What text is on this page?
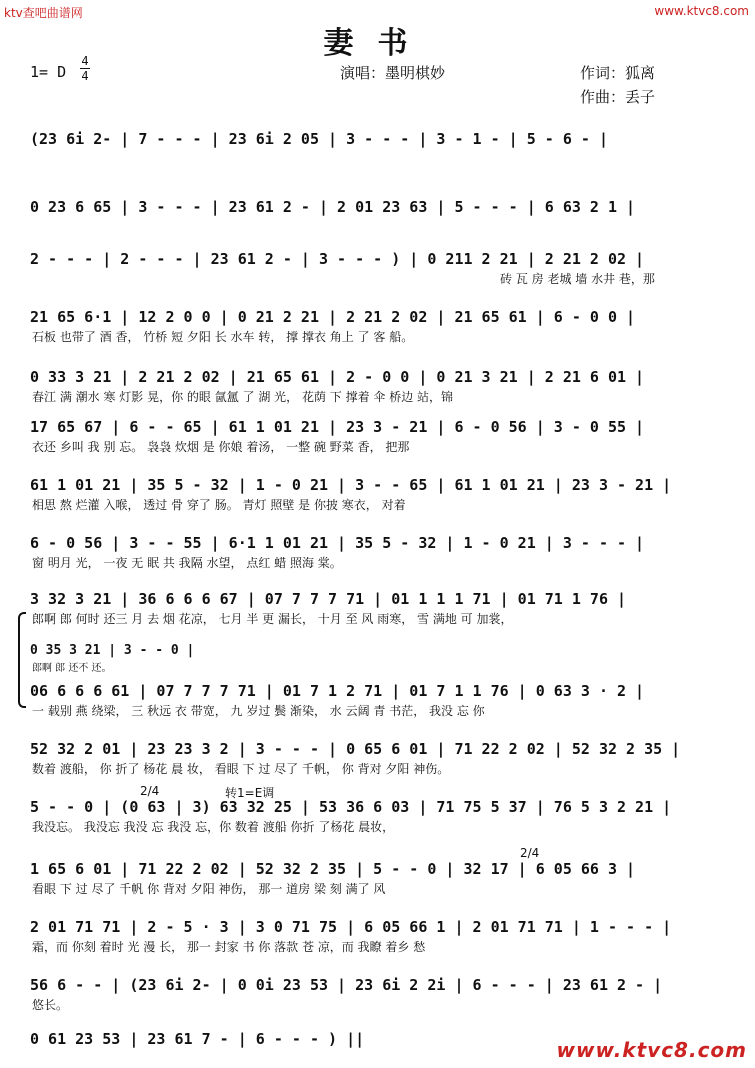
ktv查吧曲谱网	www.ktvc8.com
妻书
1= D
4
4	演唱：墨明棋妙	作词：狐离
作曲：丢子
(23 6i 2- | 7 - - - | 23 6i 2 05 | 3 - - - | 3 - 1 - | 5 - 6 - |
0 23 6 65 | 3 - - - | 23 61 2 - | 2 01 23 63 | 5 - - - | 6 63 2 1 |
2 - - - | 2 - - - | 23 61 2 - | 3 - - - ) | 0 211 2 21 | 2 21 2 02 |
砖 瓦 房 老城 墙 水井 巷，那
21 65 6·1 | 12 2 0 0 | 0 21 2 21 | 2 21 2 02 | 21 65 61 | 6 - 0 0 |
石板 也带了 酒 香， 竹桥 短 夕阳 长 水车 转， 撑 撑衣 角上 了 客 船。
0 33 3 21 | 2 21 2 02 | 21 65 61 | 2 - 0 0 | 0 21 3 21 | 2 21 6 01 |
春江 满 潮水 寒 灯影 晃，你 的眼 氤氲 了 湖 光， 花荫 下 撑着 伞 桥边 站，锦
17 65 67 | 6 - - 65 | 61 1 01 21 | 23 3 - 21 | 6 - 0 56 | 3 - 0 55 |
衣还 乡叫 我 别 忘。 袅袅 炊烟 是 你娘 着汤， 一整 碗 野菜 香， 把那
61 1 01 21 | 35 5 - 32 | 1 - 0 21 | 3 - - 65 | 61 1 01 21 | 23 3 - 21 |
相思 熬 烂灌 入喉， 透过 骨 穿了 肠。 青灯 照壁 是 你披 寒衣， 对着
6 - 0 56 | 3 - - 55 | 6·1 1 01 21 | 35 5 - 32 | 1 - 0 21 | 3 - - - |
窗 明月 光， 一夜 无 眠 共 我隔 水望， 点红 蜡 照海 棠。
3 32 3 21 | 36 6 6 6 67 | 07 7 7 7 71 | 01 1 1 1 71 | 01 71 1 76 |
郎啊 郎 何时 还三 月 去 烟 花凉， 七月 半 更 漏长， 十月 至 风 雨寒， 雪 满地 可 加裳，
0 35 3 21 | 3 - - 0 |
郎啊 郎 还不 还。
06 6 6 6 61 | 07 7 7 7 71 | 01 7 1 2 71 | 01 7 1 1 76 | 0 63 3 · 2 |
一 载别 燕 绕梁， 三 秋远 衣 带宽， 九 岁过 鬓 渐染， 水 云阔 青 书茫， 我没 忘 你
52 32 2 01 | 23 23 3 2 | 3 - - - | 0 65 6 01 | 71 22 2 02 | 52 32 2 35 |
数着 渡船， 你 折了 杨花 晨 妆， 看眼 下 过 尽了 千帆， 你 背对 夕阳 神伤。
2/4	转1=E调
5 - - 0 | (0 63 | 3) 63 32 25 | 53 36 6 03 | 71 75 5 37 | 76 5 3 2 21 |
我没忘。 我没忘 我没 忘 我没 忘，你 数着 渡船 你折 了杨花 晨妆，
2/4
1 65 6 01 | 71 22 2 02 | 52 32 2 35 | 5 - - 0 | 32 17 | 6 05 66 3 |
看眼 下 过 尽了 千帆 你 背对 夕阳 神伤， 那一 道房 梁 刻 满了 风
2 01 71 71 | 2 - 5 · 3 | 3 0 71 75 | 6 05 66 1 | 2 01 71 71 | 1 - - - |
霜，而 你刻 着时 光 漫 长， 那一 封家 书 你 落款 苍 凉，而 我瞭 着乡 愁
56 6 - - | (23 6i 2- | 0 0i 23 53 | 23 6i 2 2i | 6 - - - | 23 61 2 - |
悠长。
0 61 23 53 | 23 61 7 - | 6 - - - ) ||	www.ktvc8.com
